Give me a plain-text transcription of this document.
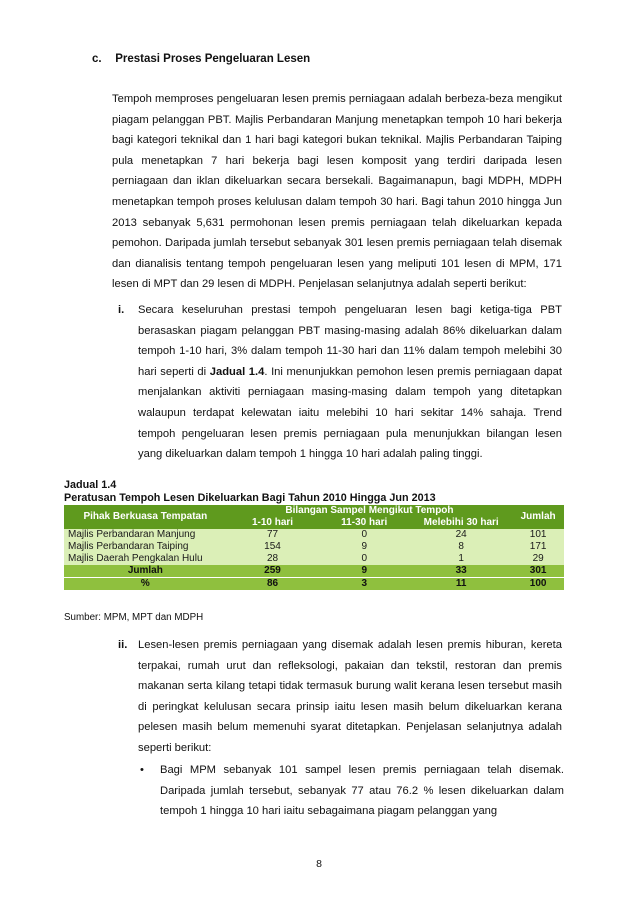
c. Prestasi Proses Pengeluaran Lesen
Tempoh memproses pengeluaran lesen premis perniagaan adalah berbeza-beza mengikut piagam pelanggan PBT. Majlis Perbandaran Manjung menetapkan tempoh 10 hari bekerja bagi kategori teknikal dan 1 hari bagi kategori bukan teknikal. Majlis Perbandaran Taiping pula menetapkan 7 hari bekerja bagi lesen komposit yang terdiri daripada lesen perniagaan dan iklan dikeluarkan secara bersekali. Bagaimanapun, bagi MDPH, MDPH menetapkan tempoh proses kelulusan dalam tempoh 30 hari. Bagi tahun 2010 hingga Jun 2013 sebanyak 5,631 permohonan lesen premis perniagaan telah dikeluarkan kepada pemohon. Daripada jumlah tersebut sebanyak 301 lesen premis perniagaan telah disemak dan dianalisis tentang tempoh pengeluaran lesen yang meliputi 101 lesen di MPM, 171 lesen di MPT dan 29 lesen di MDPH. Penjelasan selanjutnya adalah seperti berikut:
i. Secara keseluruhan prestasi tempoh pengeluaran lesen bagi ketiga-tiga PBT berasaskan piagam pelanggan PBT masing-masing adalah 86% dikeluarkan dalam tempoh 1-10 hari, 3% dalam tempoh 11-30 hari dan 11% dalam tempoh melebihi 30 hari seperti di Jadual 1.4. Ini menunjukkan pemohon lesen premis perniagaan dapat menjalankan aktiviti perniagaan masing-masing dalam tempoh yang ditetapkan walaupun terdapat kelewatan iaitu melebihi 10 hari sekitar 14% sahaja. Trend tempoh pengeluaran lesen premis perniagaan pula menunjukkan bilangan lesen yang dikeluarkan dalam tempoh 1 hingga 10 hari adalah paling tinggi.
Jadual 1.4
Peratusan Tempoh Lesen Dikeluarkan Bagi Tahun 2010 Hingga Jun 2013
Pihak Berkuasa Tempatan	Bilangan Sampel Mengikut Tempoh			Jumlah
	1-10 hari	11-30 hari	Melebihi 30 hari	
Majlis Perbandaran Manjung	77	0	24	101
Majlis Perbandaran Taiping	154	9	8	171
Majlis Daerah Pengkalan Hulu	28	0	1	29
Jumlah	259	9	33	301
%	86	3	11	100
Sumber: MPM, MPT dan MDPH
ii. Lesen-lesen premis perniagaan yang disemak adalah lesen premis hiburan, kereta terpakai, rumah urut dan refleksologi, pakaian dan tekstil, restoran dan premis makanan serta kilang tetapi tidak termasuk burung walit kerana lesen tersebut masih di peringkat kelulusan secara prinsip iaitu lesen masih belum dikeluarkan kerana pelesen masih belum memenuhi syarat ditetapkan. Penjelasan selanjutnya adalah seperti berikut:
• Bagi MPM sebanyak 101 sampel lesen premis perniagaan telah disemak. Daripada jumlah tersebut, sebanyak 77 atau 76.2 % lesen dikeluarkan dalam tempoh 1 hingga 10 hari iaitu sebagaimana piagam pelanggan yang
8
